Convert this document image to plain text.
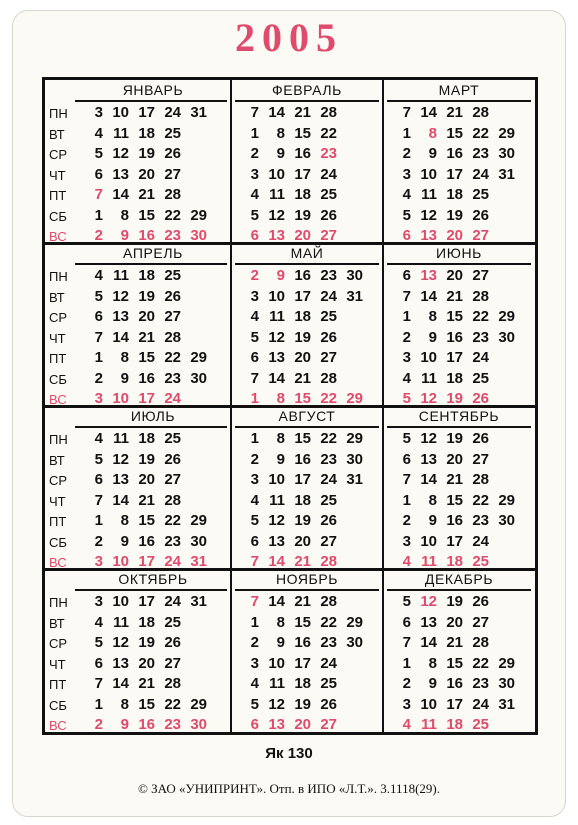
2005
ЯНВАРЬ
ПН	3 10 17 24 31
ВТ	4 11 18 25
СР	5 12 19 26
ЧТ	6 13 20 27
ПТ	7 14 21 28
СБ	1	8 15 22 29
ВС	2	9 16 23 30
ФЕВРАЛЬ
7 14 21 28
1	8 15 22
2	9 16 23
3 10 17 24
4 11 18 25
5 12 19 26
6 13 20 27
МАРТ
7 14 21 28
1	8 15 22 29
2	9 16 23 30
3 10 17 24 31
4 11 18 25
5 12 19 26
6 13 20 27
АПРЕЛЬ
ПН	4 11 18 25
ВТ	5 12 19 26
СР	6 13 20 27
ЧТ	7 14 21 28
ПТ	1	8 15 22 29
СБ	2	9 16 23 30
ВС	3 10 17 24
МАЙ
2	9 16 23 30
3 10 17 24 31
4 11 18 25
5 12 19 26
6 13 20 27
7 14 21 28
1	8 15 22 29
ИЮНЬ
6 13 20 27
7 14 21 28
1	8 15 22 29
2	9 16 23 30
3 10 17 24
4 11 18 25
5 12 19 26
ИЮЛЬ
ПН	4 11 18 25
ВТ	5 12 19 26
СР	6 13 20 27
ЧТ	7 14 21 28
ПТ	1	8 15 22 29
СБ	2	9 16 23 30
ВС	3 10 17 24 31
АВГУСТ
1	8 15 22 29
2	9 16 23 30
3 10 17 24 31
4 11 18 25
5 12 19 26
6 13 20 27
7 14 21 28
СЕНТЯБРЬ
5 12 19 26
6 13 20 27
7 14 21 28
1	8 15 22 29
2	9 16 23 30
3 10 17 24
4 11 18 25
ОКТЯБРЬ
ПН	3 10 17 24 31
ВТ	4 11 18 25
СР	5 12 19 26
ЧТ	6 13 20 27
ПТ	7 14 21 28
СБ	1	8 15 22 29
ВС	2	9 16 23 30
НОЯБРЬ
7 14 21 28
1	8 15 22 29
2	9 16 23 30
3 10 17 24
4 11 18 25
5 12 19 26
6 13 20 27
ДЕКАБРЬ
5 12 19 26
6 13 20 27
7 14 21 28
1	8 15 22 29
2	9 16 23 30
3 10 17 24 31
4 11 18 25
Як 130
© ЗАО «УНИПРИНТ». Отп. в ИПО «Л.Т.». 3.1118(29).
